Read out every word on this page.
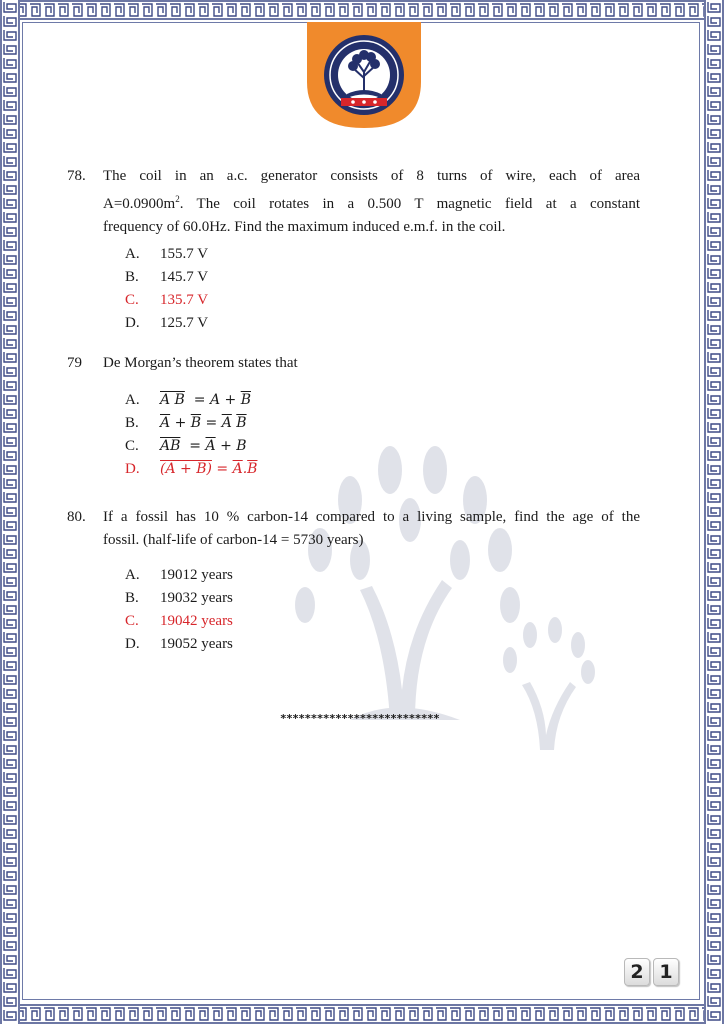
78. The coil in an a.c. generator consists of 8 turns of wire, each of area
$A=0.0900m^2$. The coil rotates in a 0.500 T magnetic field at a constant
frequency of 60.0Hz. Find the maximum induced e.m.f. in the coil.
A. 155.7 V
B. 145.7 V
C. 135.7 V
D. 125.7 V
79 De Morgan’s theorem states that
A. A $B = A + \overline{B}$
B. $\overline{A} + \overline{B} = \overline{A}$ $\overline{B}$
C. $\overline{AB} = \overline{A} + B$
D. $(A + B) = \overline{A}.\overline{B}$
80. If a fossil has 10 % carbon-14 compared to a living sample, find the age of the
fossil. (half-life of carbon-14 = 5730 years)
A. 19012 years
B. 19032 years
C. 19042 years
D. 19052 years
**************************
2 1
